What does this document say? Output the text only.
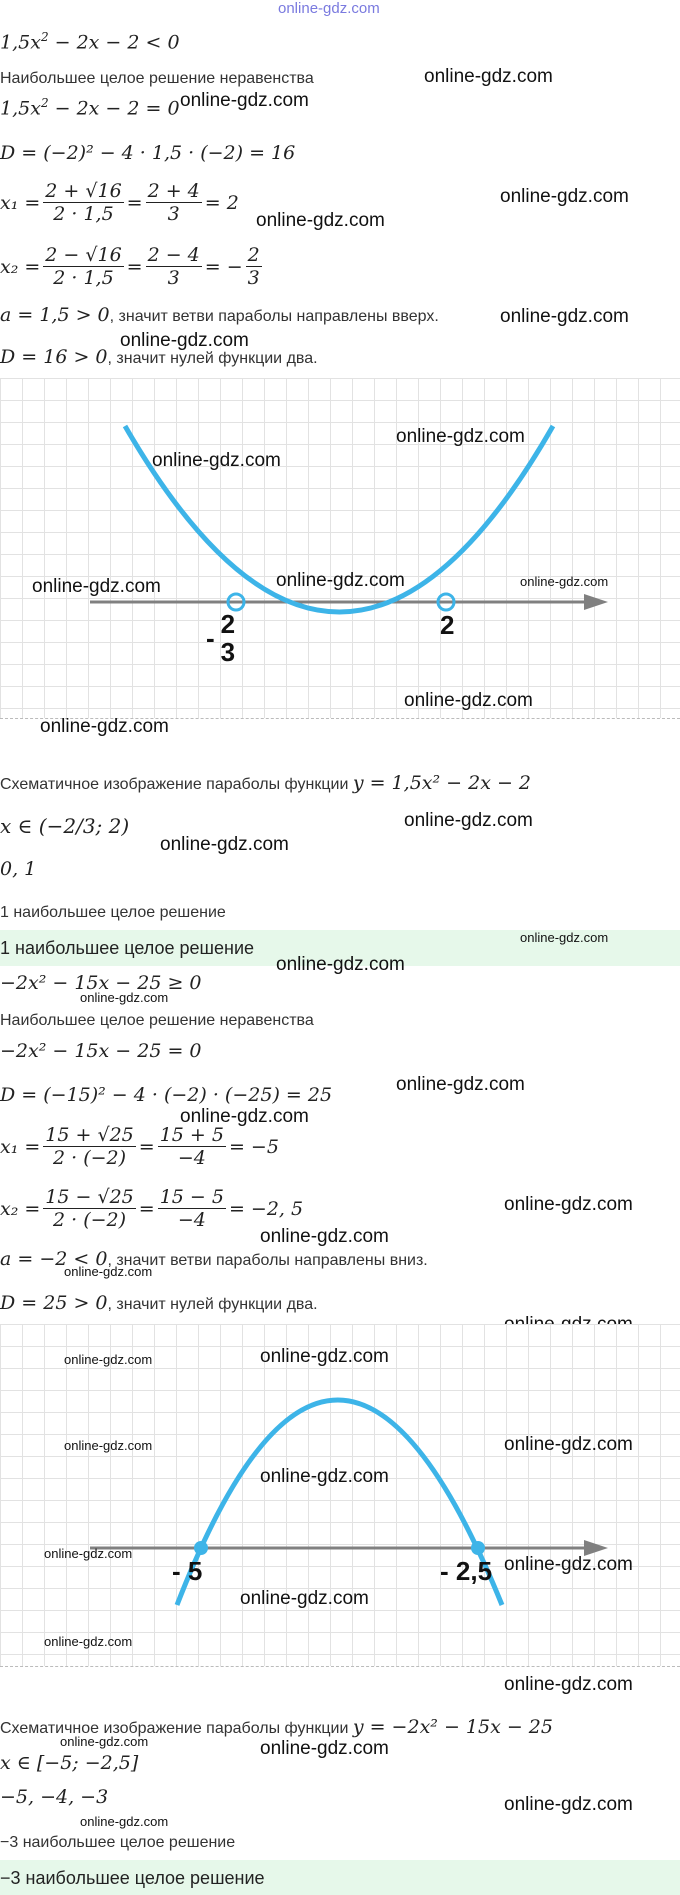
online-gdz.com
$1,5x^2 - 2x - 2 < 0$
Наибольшее целое решение неравенства	online-gdz.com
$1,5x^2 - 2x - 2 = 0$ online-gdz.com
D = (−2)² − 4 · 1,5 · (−2) = 16
$x_1 = \frac{2 + √16}{2 \cdot 1,5} = \frac{2 + 4}{3} = 2$	online-gdz.com
online-gdz.com
$x_2 = \frac{2 - √16}{2 \cdot 1,5} = \frac{2 - 4}{3}$ = − $\frac{2}{3}$
a = 1,5 > 0, значит ветви параболы направлены вверх.	online-gdz.com
online-gdz.com
D = 16 > 0, значит нулей функции два.
- 2
3
2
online-gdz.com
online-gdz.com
online-gdz.com	online-gdz.com	online-gdz.com
online-gdz.com
online-gdz.com
Схематичное изображение параболы функции y = 1,5x² − 2x − 2
x ∈ (−2/3; 2)	online-gdz.com
online-gdz.com
0, 1
1 наибольшее целое решение
1 наибольшее целое решение
online-gdz.com
−2x² − 15x − 25 ≥ 0
online-gdz.com
online-gdz.com
Наибольшее целое решение неравенства
−2x² − 15x − 25 = 0
online-gdz.com
D = (−15)² − 4 · (−2) · (−25) = 25
online-gdz.com
$x_1 = \frac{15 + √25}{2 \cdot (-2)} = \frac{15 + 5}{-4} = -5$
$x_2 = \frac{15 - √25}{2 \cdot (-2)} = \frac{15 - 5}{-4} = -2$, 5	online-gdz.com
online-gdz.com
a = −2 < 0, значит ветви параболы направлены вниз.
online-gdz.com
D = 25 > 0, значит нулей функции два.
- 5	- 2,5
online-gdz.com	online-gdz.com
online-gdz.com
online-gdz.com
online-gdz.com
online-gdz.com
online-gdz.com
online-gdz.com
online-gdz.com
online-gdz.com
Схематичное изображение параболы функции y = −2x² − 15x − 25
online-gdz.com	online-gdz.com
x ∈ [−5; −2,5]
−5, −4, −3	online-gdz.com
online-gdz.com
−3 наибольшее целое решение
−3 наибольшее целое решение
